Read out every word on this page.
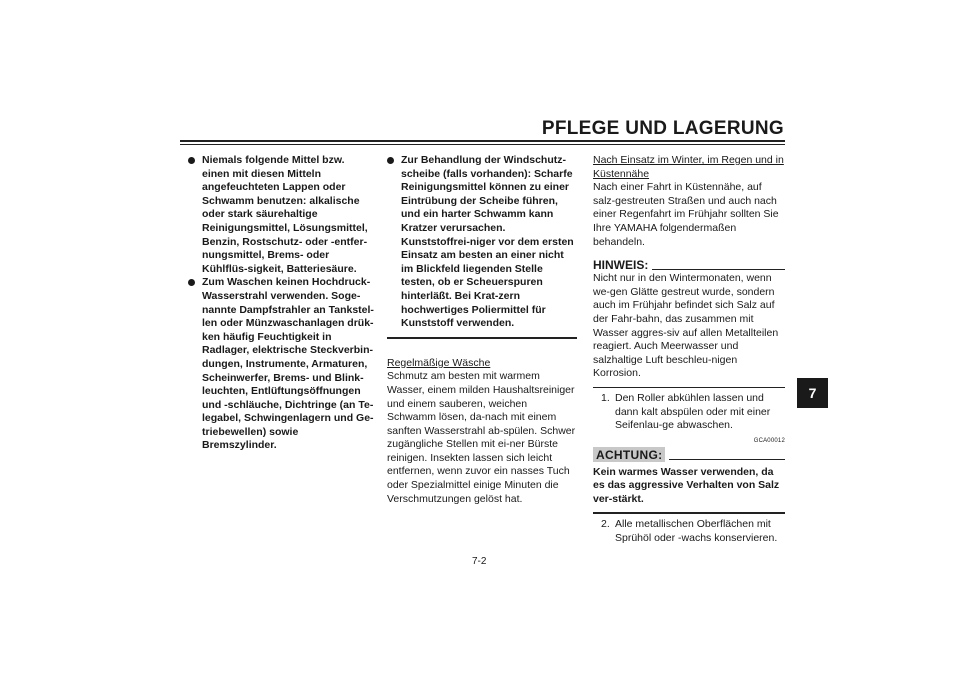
PFLEGE UND LAGERUNG
7
Niemals folgende Mittel bzw. einen mit diesen Mitteln angefeuchteten Lappen oder Schwamm benutzen: alkalische oder stark säurehaltige Reinigungsmittel, Lösungsmittel, Benzin, Rostschutz- oder -entfer-nungsmittel, Brems- oder Kühlflüs-sigkeit, Batteriesäure.
Zum Waschen keinen Hochdruck-Wasserstrahl verwenden. Soge-nannte Dampfstrahler an Tankstel-len oder Münzwaschanlagen drük-ken häufig Feuchtigkeit in Radlager, elektrische Steckverbin-dungen, Instrumente, Armaturen, Scheinwerfer, Brems- und Blink-leuchten, Entlüftungsöffnungen und -schläuche, Dichtringe (an Te-legabel, Schwingenlagern und Ge-triebewellen) sowie Bremszylinder.
Zur Behandlung der Windschutz-scheibe (falls vorhanden): Scharfe Reinigungsmittel können zu einer Eintrübung der Scheibe führen, und ein harter Schwamm kann Kratzer verursachen. Kunststoffrei-niger vor dem ersten Einsatz am besten an einer nicht im Blickfeld liegenden Stelle testen, ob er Scheuerspuren hinterläßt. Bei Krat-zern hochwertiges Poliermittel für Kunststoff verwenden.

Regelmäßige Wäsche

Schmutz am besten mit warmem Wasser, einem milden Haushaltsreiniger und einem sauberen, weichen Schwamm lösen, da-nach mit einem sanften Wasserstrahl ab-spülen. Schwer zugängliche Stellen mit ei-ner Bürste reinigen. Insekten lassen sich leicht entfernen, wenn zuvor ein nasses Tuch oder Spezialmittel einige Minuten die Verschmutzungen gelöst hat.

Nach Einsatz im Winter, im Regen und in Küstennähe

Nach einer Fahrt in Küstennähe, auf salz-gestreuten Straßen und auch nach einer Regenfahrt im Frühjahr sollten Sie Ihre YAMAHA folgendermaßen behandeln.

HINWEIS:

Nicht nur in den Wintermonaten, wenn we-gen Glätte gestreut wurde, sondern auch im Frühjahr befindet sich Salz auf der Fahr-bahn, das zusammen mit Wasser aggres-siv auf allen Metallteilen reagiert. Auch Meerwasser und salzhaltige Luft beschleu-nigen Korrosion.

1. Den Roller abkühlen lassen und dann kalt abspülen oder mit einer Seifenlau-ge abwaschen.
GCA00012
ACHTUNG:

Kein warmes Wasser verwenden, da es das aggressive Verhalten von Salz ver-stärkt.

2. Alle metallischen Oberflächen mit Sprühöl oder -wachs konservieren.
7-2
